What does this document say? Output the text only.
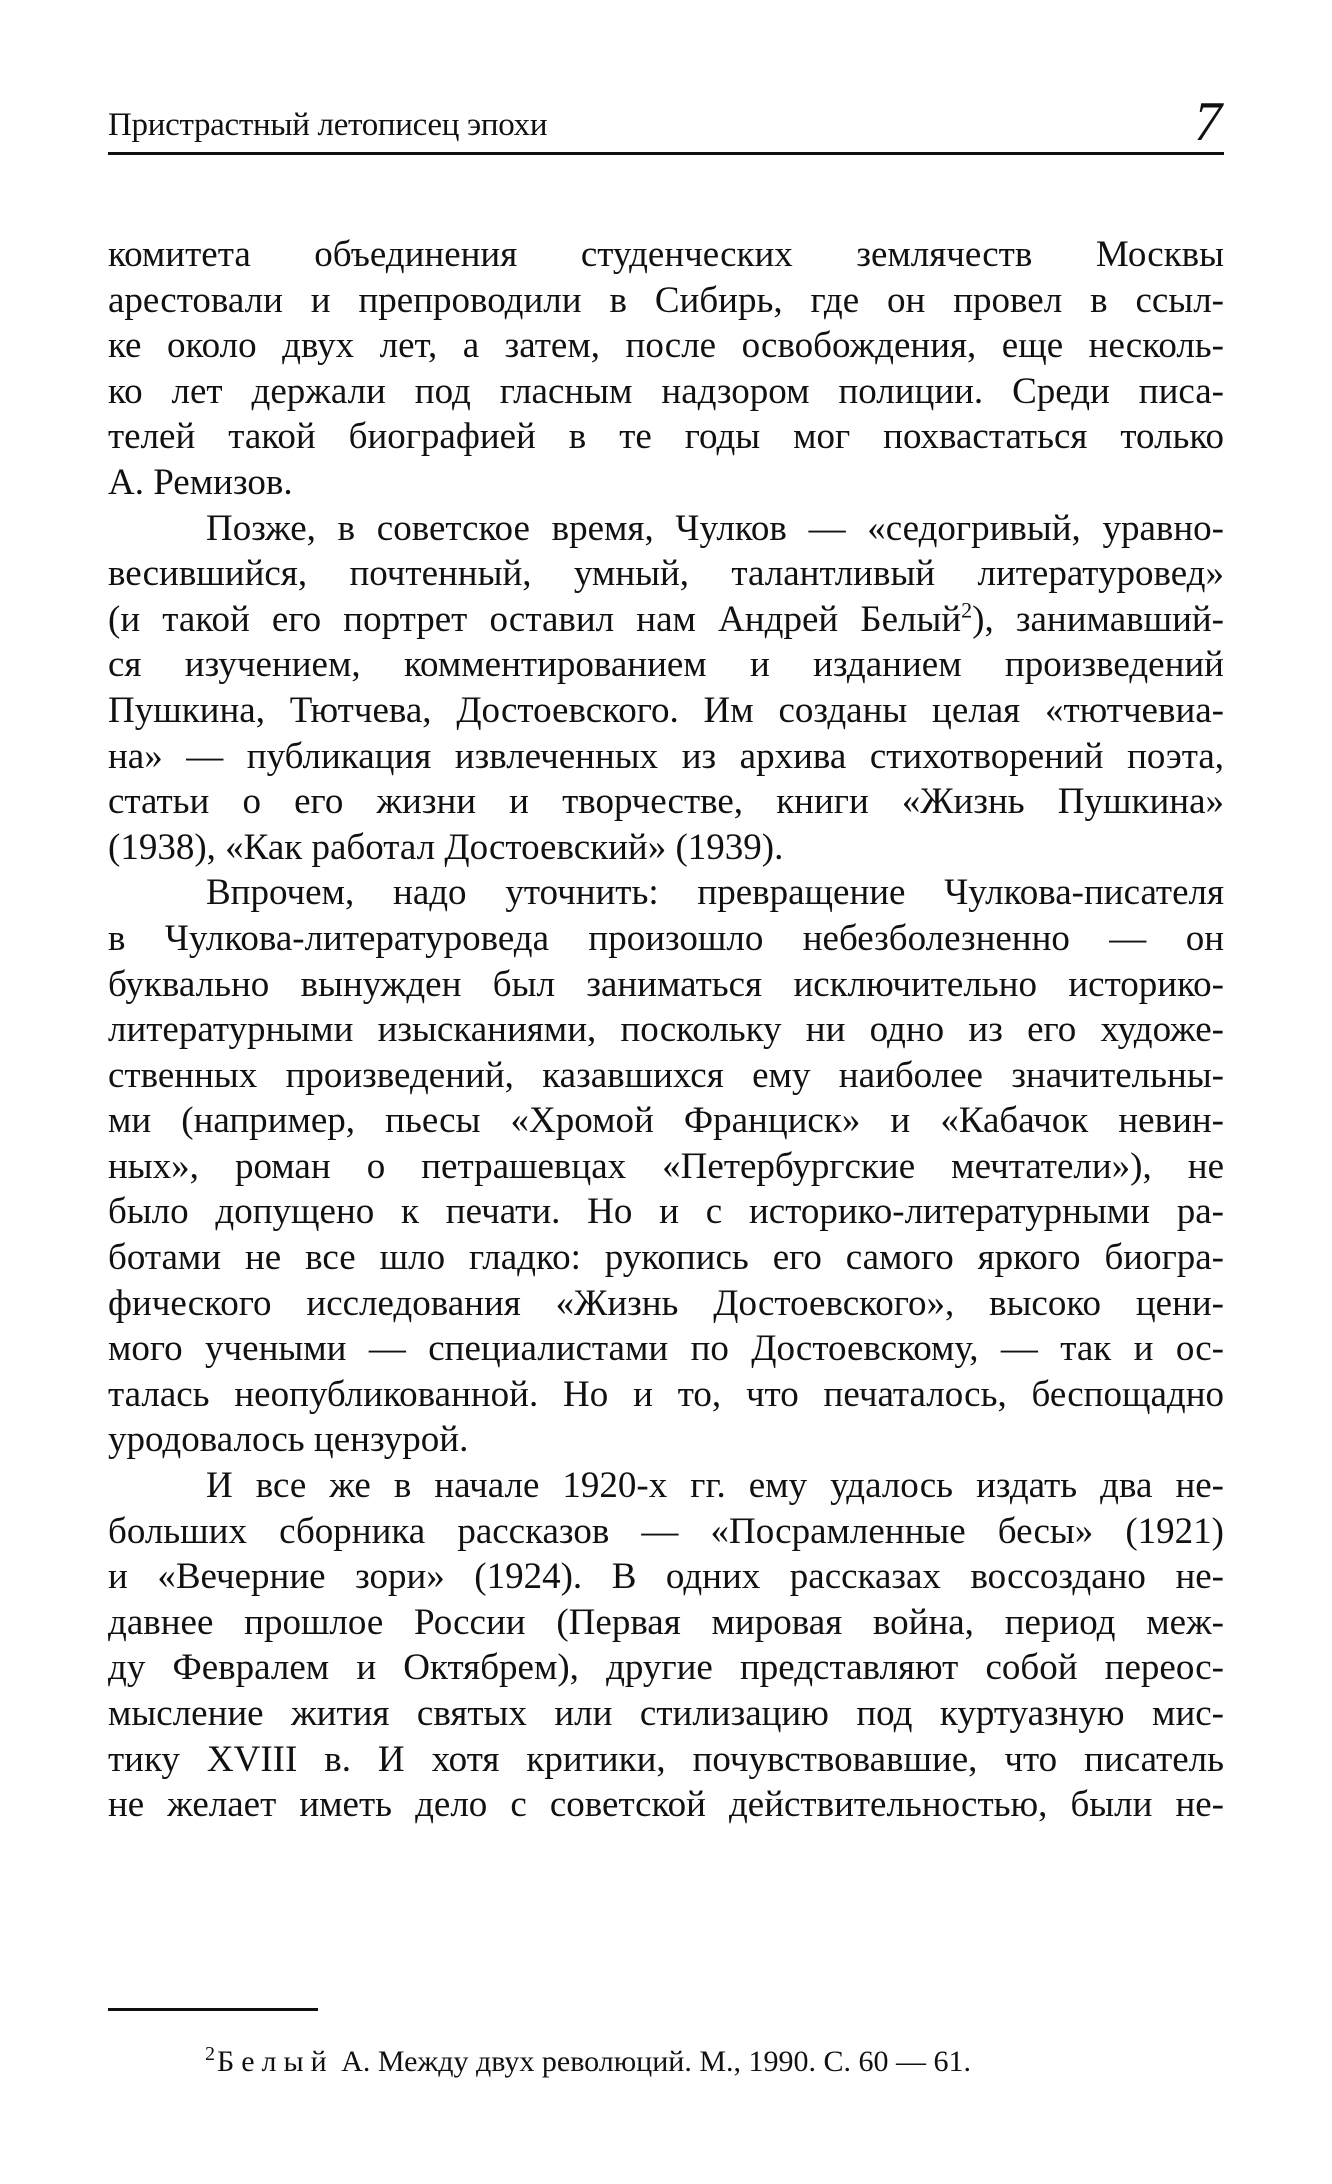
Пристрастный летописец эпохи	7
комитета объединения студенческих землячеств Москвы
арестовали и препроводили в Сибирь, где он провел в ссыл-
ке около двух лет, а затем, после освобождения, еще несколь-
ко лет держали под гласным надзором полиции. Среди писа-
телей такой биографией в те годы мог похвастаться только
А. Ремизов.
Позже, в советское время, Чулков — «седогривый, уравно-
весившийся, почтенный, умный, талантливый литературовед»
(и такой его портрет оставил нам Андрей Белый$^2$), занимавший-
ся изучением, комментированием и изданием произведений
Пушкина, Тютчева, Достоевского. Им созданы целая «тютчевиа-
на» — публикация извлеченных из архива стихотворений поэта,
статьи о его жизни и творчестве, книги «Жизнь Пушкина»
(1938), «Как работал Достоевский» (1939).
Впрочем, надо уточнить: превращение Чулкова-писателя
в Чулкова-литературоведа произошло небезболезненно — он
буквально вынужден был заниматься исключительно историко-
литературными изысканиями, поскольку ни одно из его художе-
ственных произведений, казавшихся ему наиболее значительны-
ми (например, пьесы «Хромой Франциск» и «Кабачок невин-
ных», роман о петрашевцах «Петербургские мечтатели»), не
было допущено к печати. Но и с историко-литературными ра-
ботами не все шло гладко: рукопись его самого яркого биогра-
фического исследования «Жизнь Достоевского», высоко цени-
мого учеными — специалистами по Достоевскому, — так и ос-
талась неопубликованной. Но и то, что печаталось, беспощадно
уродовалось цензурой.
И все же в начале 1920-х гг. ему удалось издать два не-
больших сборника рассказов — «Посрамленные бесы» (1921)
и «Вечерние зори» (1924). В одних рассказах воссоздано не-
давнее прошлое России (Первая мировая война, период меж-
ду Февралем и Октябрем), другие представляют собой переос-
мысление жития святых или стилизацию под куртуазную мис-
тику XVIII в. И хотя критики, почувствовавшие, что писатель
не желает иметь дело с советской действительностью, были не-
$^2$Белый А. Между двух революций. М., 1990. С. 60 — 61.
